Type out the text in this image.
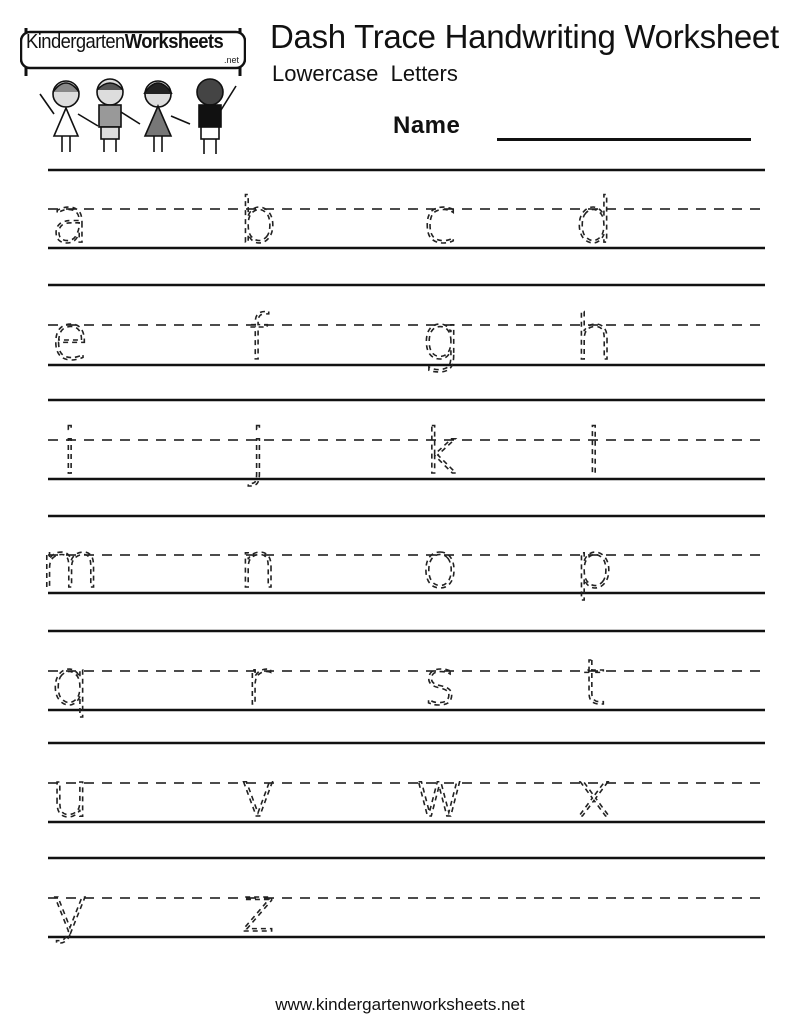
KindergartenWorksheets
.net
Dash Trace Handwriting Worksheet
Lowercase  Letters
Name
a b c d
e	f g h
i	j	k l
m n o p
q	r s t
u v w x
y z
www.kindergartenworksheets.net
